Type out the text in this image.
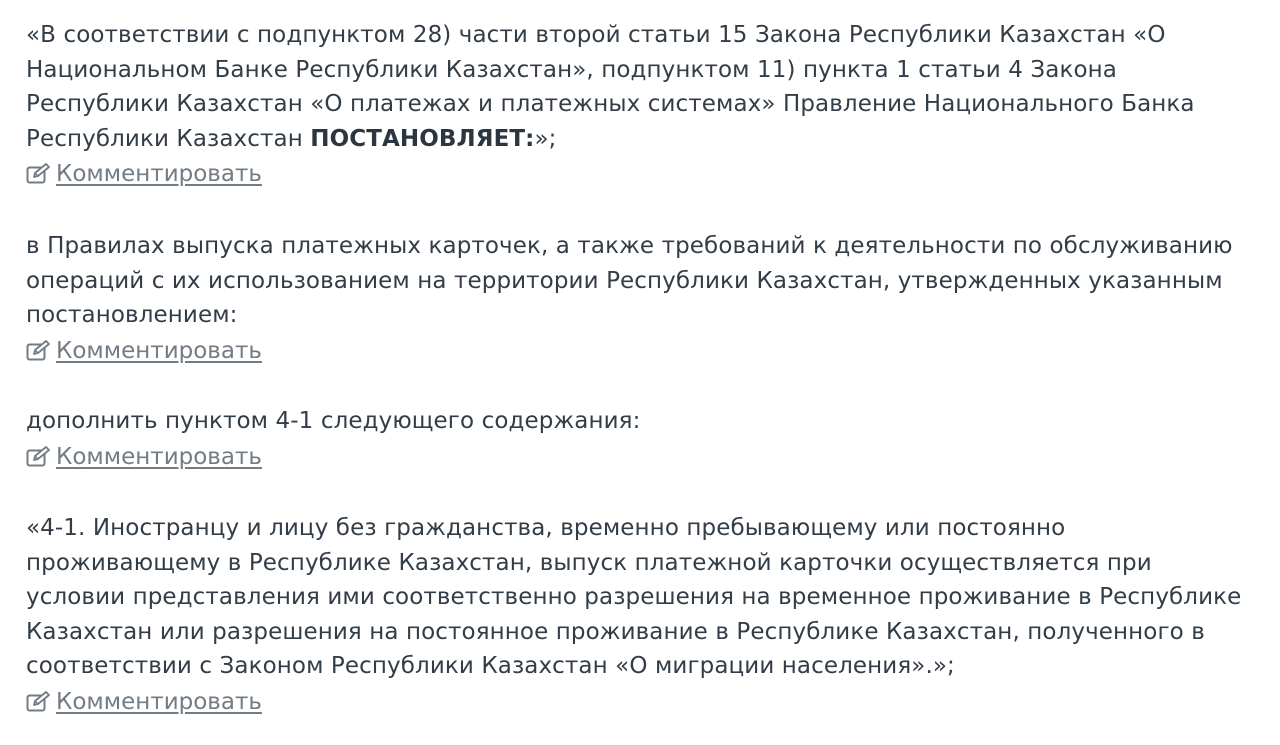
«В соответствии с подпунктом 28) части второй статьи 15 Закона Республики Казахстан «О Национальном Банке Республики Казахстан», подпунктом 11) пункта 1 статьи 4 Закона Республики Казахстан «О платежах и платежных системах» Правление Национального Банка Республики Казахстан ПОСТАНОВЛЯЕТ:»;

Комментировать

в Правилах выпуска платежных карточек, а также требований к деятельности по обслуживанию операций с их использованием на территории Республики Казахстан, утвержденных указанным постановлением:

Комментировать

дополнить пунктом 4-1 следующего содержания:

Комментировать

«4-1. Иностранцу и лицу без гражданства, временно пребывающему или постоянно проживающему в Республике Казахстан, выпуск платежной карточки осуществляется при условии представления ими соответственно разрешения на временное проживание в Республике Казахстан или разрешения на постоянное проживание в Республике Казахстан, полученного в соответствии с Законом Республики Казахстан «О миграции населения».»;

Комментировать
